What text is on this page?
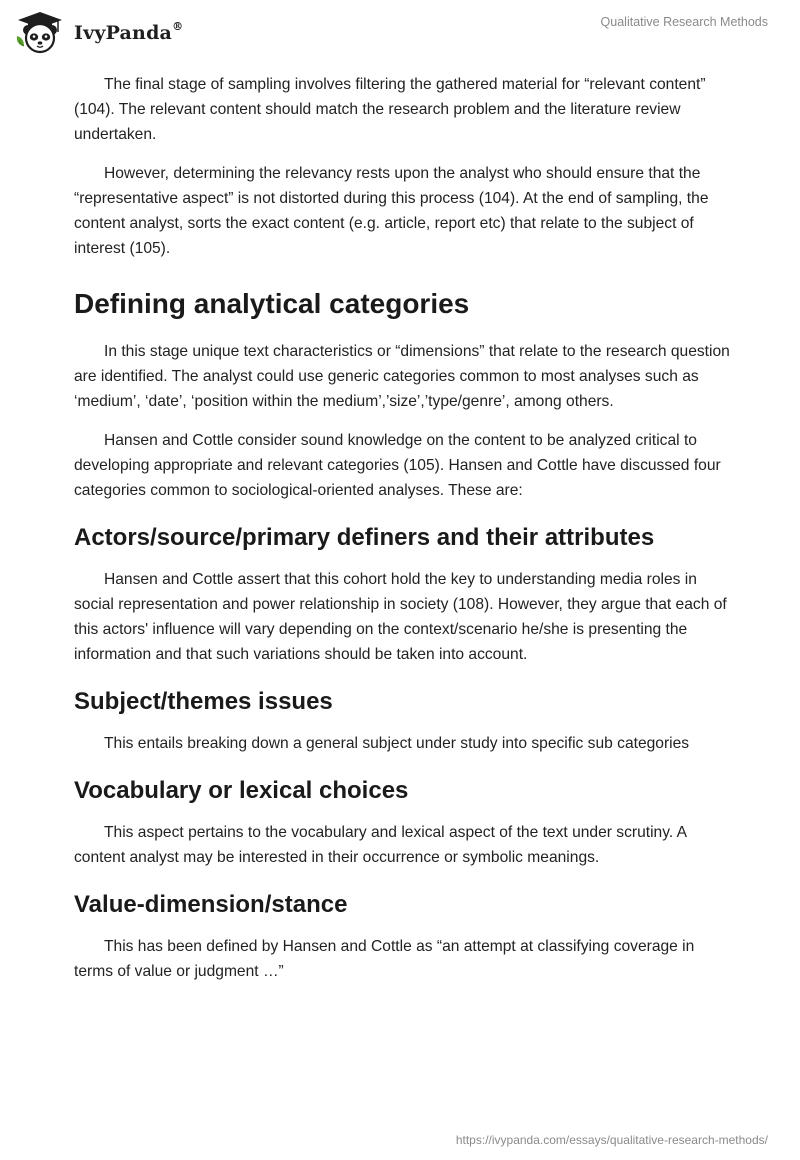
IvyPanda®	Qualitative Research Methods

The final stage of sampling involves filtering the gathered material for “relevant content” (104). The relevant content should match the research problem and the literature review undertaken.

However, determining the relevancy rests upon the analyst who should ensure that the “representative aspect” is not distorted during this process (104). At the end of sampling, the content analyst, sorts the exact content (e.g. article, report etc) that relate to the subject of interest (105).

Defining analytical categories

In this stage unique text characteristics or “dimensions” that relate to the research question are identified. The analyst could use generic categories common to most analyses such as ‘medium’, ‘date’, ‘position within the medium’,’size’,’type/genre’, among others.

Hansen and Cottle consider sound knowledge on the content to be analyzed critical to developing appropriate and relevant categories (105). Hansen and Cottle have discussed four categories common to sociological-oriented analyses. These are:

Actors/source/primary definers and their attributes

Hansen and Cottle assert that this cohort hold the key to understanding media roles in social representation and power relationship in society (108). However, they argue that each of this actors' influence will vary depending on the context/scenario he/she is presenting the information and that such variations should be taken into account.

Subject/themes issues

This entails breaking down a general subject under study into specific sub categories

Vocabulary or lexical choices

This aspect pertains to the vocabulary and lexical aspect of the text under scrutiny. A content analyst may be interested in their occurrence or symbolic meanings.

Value-dimension/stance

This has been defined by Hansen and Cottle as “an attempt at classifying coverage in terms of value or judgment …”

https://ivypanda.com/essays/qualitative-research-methods/
